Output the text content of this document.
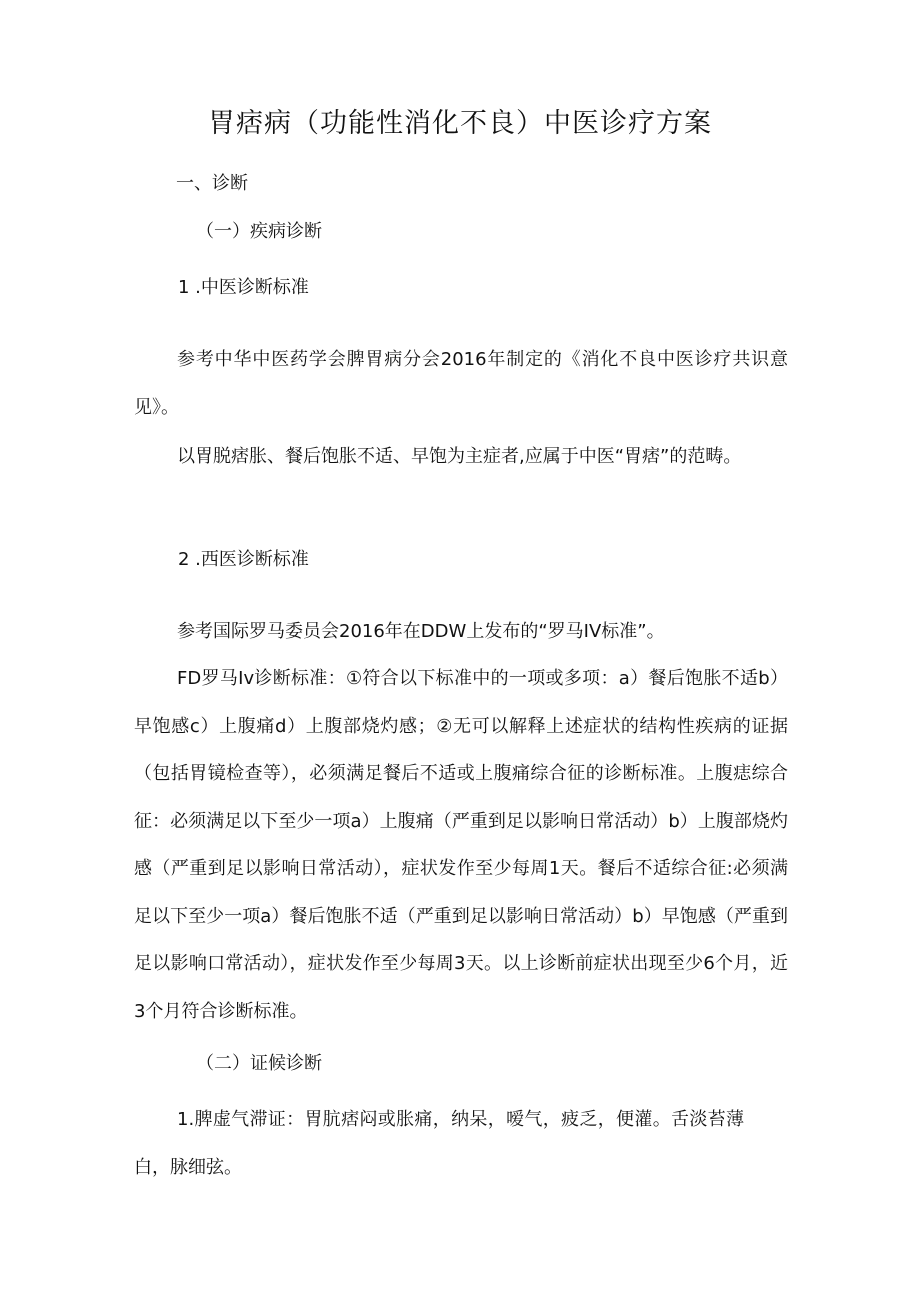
胃痞病（功能性消化不良）中医诊疗方案
一、诊断
（一）疾病诊断
1 .中医诊断标准

参考中华中医药学会脾胃病分会2016年制定的《消化不良中医诊疗共识意见》。

以胃脱痞胀、餐后饱胀不适、早饱为主症者,应属于中医“胃痞”的范畴。

2 .西医诊断标准

参考国际罗马委员会2016年在DDW上发布的“罗马IV标准”。

FD罗马Iv诊断标准：①符合以下标准中的一项或多项：a）餐后饱胀不适b）早饱感c）上腹痛d）上腹部烧灼感；②无可以解释上述症状的结构性疾病的证据（包括胃镜检查等），必须满足餐后不适或上腹痛综合征的诊断标准。上腹痣综合征：必须满足以下至少一项a）上腹痛（严重到足以影响日常活动）b）上腹部烧灼感（严重到足以影响日常活动），症状发作至少每周1天。餐后不适综合征:必须满足以下至少一项a）餐后饱胀不适（严重到足以影响日常活动）b）早饱感（严重到足以影响口常活动），症状发作至少每周3天。以上诊断前症状出现至少6个月，近3个月符合诊断标准。

（二）证候诊断

1.脾虚气滞证：胃肮痞闷或胀痛，纳呆，嗳气，疲乏，便灌。舌淡苔薄白，脉细弦。
